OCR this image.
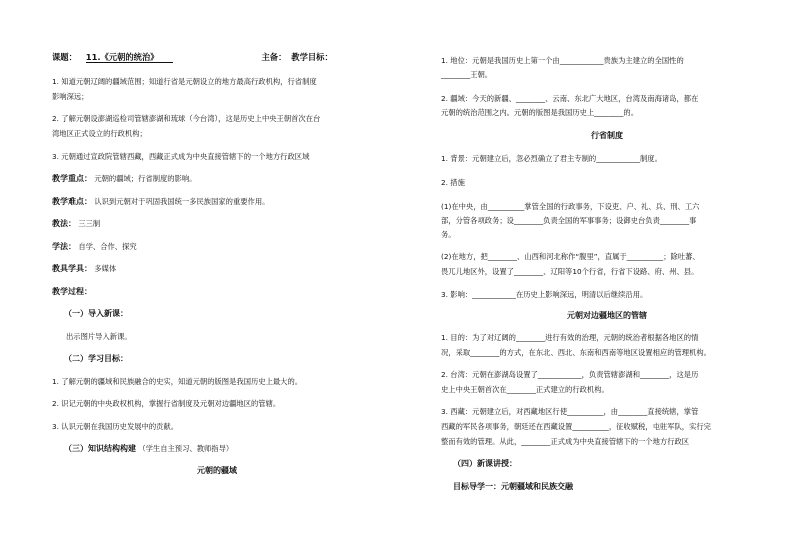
课题： 11.《元朝的统治》	主备： 教学目标：
1. 知道元朝辽阔的疆域范围；知道行省是元朝设立的地方最高行政机构，行省制度
影响深远；
2. 了解元朝设澎湖巡检司管辖澎湖和琉球（今台湾），这是历史上中央王朝首次在台
湾地区正式设立的行政机构；
3. 元朝通过宣政院管辖西藏，西藏正式成为中央直接管辖下的一个地方行政区域
教学重点： 元朝的疆域；行省制度的影响。
教学难点： 认识到元朝对于巩固我国统一多民族国家的重要作用。
教法： 三三制
学法： 自学、合作、探究
教具学具： 多媒体
教学过程：
（一）导入新课：
出示图片导入新课。
（二）学习目标：
1. 了解元朝的疆域和民族融合的史实，知道元朝的版图是我国历史上最大的。
2. 识记元朝的中央政权机构，掌握行省制度及元朝对边疆地区的管辖。
3. 认识元朝在我国历史发展中的贡献。
（三）知识结构构建 （学生自主预习、教师指导）
元朝的疆域
1. 地位：元朝是我国历史上第一个由____________贵族为主建立的全国性的
________王朝。
2. 疆域：今天的新疆、________、云南、东北广大地区，台湾及南海诸岛，都在
元朝的统治范围之内。元朝的版图是我国历史上________的。
行省制度
1. 背景：元朝建立后，忽必烈确立了君主专制的____________制度。
2. 措施
(1)在中央，由__________掌管全国的行政事务，下设吏、户、礼、兵、刑、工六
部，分管各项政务；设________负责全国的军事事务；设御史台负责________事
务。
(2)在地方，把________、山西和河北称作“腹里”，直属于__________；除吐蕃、
畏兀儿地区外，设置了________、辽阳等10个行省，行省下设路、府、州、县。
3. 影响：____________在历史上影响深远，明清以后继续沿用。
元朝对边疆地区的管辖
1. 目的：为了对辽阔的________进行有效的治理，元朝的统治者根据各地区的情
况，采取________的方式，在东北、西北、东南和西南等地区设置相应的管理机构。
2. 台湾：元朝在澎湖岛设置了____________，负责管辖澎湖和________，这是历
史上中央王朝首次在________正式建立的行政机构。
3. 西藏：元朝建立后，对西藏地区行使__________，由________直接统辖，掌管
西藏的军民各项事务，朝廷还在西藏设置__________，征收赋税，屯驻军队，实行完
整而有效的管理。从此，________正式成为中央直接管辖下的一个地方行政区
（四）新课讲授：
目标导学一：元朝疆域和民族交融
